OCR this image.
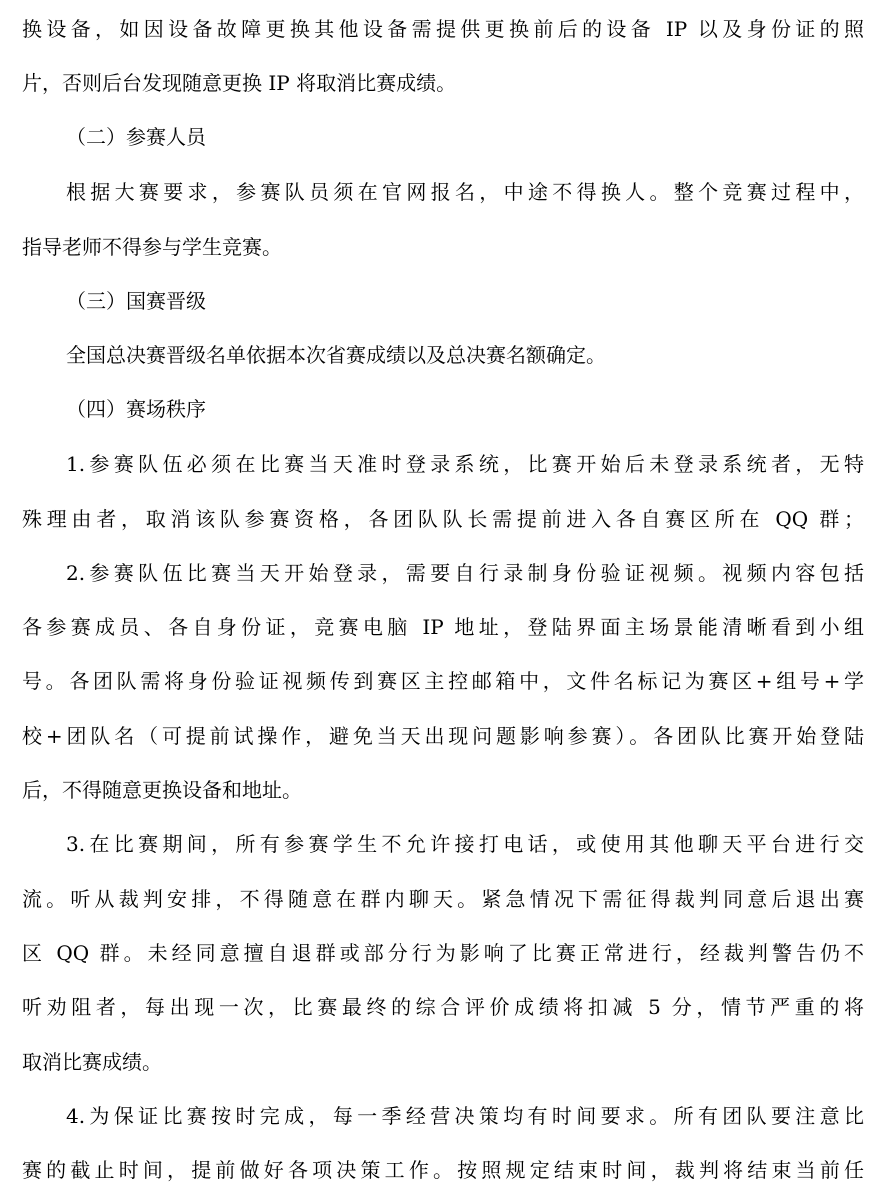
换设备，如因设备故障更换其他设备需提供更换前后的设备 IP 以及身份证的照

片，否则后台发现随意更换 IP 将取消比赛成绩。

（二）参赛人员

根据大赛要求，参赛队员须在官网报名，中途不得换人。整个竞赛过程中，

指导老师不得参与学生竞赛。

（三）国赛晋级

全国总决赛晋级名单依据本次省赛成绩以及总决赛名额确定。

（四）赛场秩序

1.参赛队伍必须在比赛当天准时登录系统，比赛开始后未登录系统者，无特

殊理由者，取消该队参赛资格，各团队队长需提前进入各自赛区所在 QQ 群；

2.参赛队伍比赛当天开始登录，需要自行录制身份验证视频。视频内容包括

各参赛成员、各自身份证，竞赛电脑 IP 地址，登陆界面主场景能清晰看到小组

号。各团队需将身份验证视频传到赛区主控邮箱中，文件名标记为赛区+组号+学

校+团队名（可提前试操作，避免当天出现问题影响参赛）。各团队比赛开始登陆

后，不得随意更换设备和地址。

3.在比赛期间，所有参赛学生不允许接打电话，或使用其他聊天平台进行交

流。听从裁判安排，不得随意在群内聊天。紧急情况下需征得裁判同意后退出赛

区 QQ 群。未经同意擅自退群或部分行为影响了比赛正常进行，经裁判警告仍不

听劝阻者，每出现一次，比赛最终的综合评价成绩将扣减 5 分，情节严重的将

取消比赛成绩。

4.为保证比赛按时完成，每一季经营决策均有时间要求。所有团队要注意比

赛的截止时间，提前做好各项决策工作。按照规定结束时间，裁判将结束当前任
